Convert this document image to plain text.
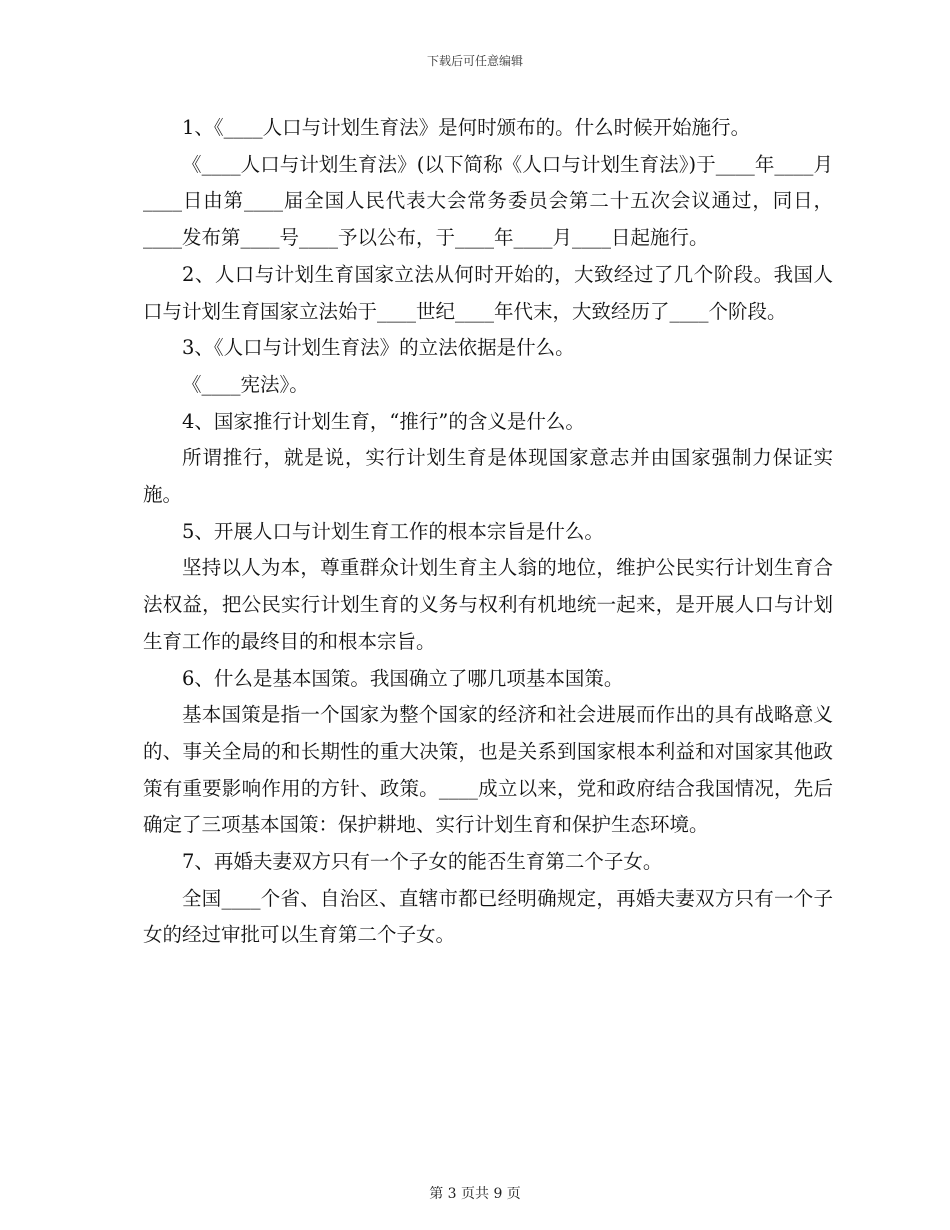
下载后可任意编辑

1、《____人口与计划生育法》是何时颁布的。什么时候开始施行。

《____人口与计划生育法》(以下简称《人口与计划生育法》)于____年____月____日由第____届全国人民代表大会常务委员会第二十五次会议通过，同日，____发布第____号____予以公布，于____年____月____日起施行。

2、人口与计划生育国家立法从何时开始的，大致经过了几个阶段。我国人口与计划生育国家立法始于____世纪____年代末，大致经历了____个阶段。

3、《人口与计划生育法》的立法依据是什么。

《____宪法》。

4、国家推行计划生育，“推行”的含义是什么。

所谓推行，就是说，实行计划生育是体现国家意志并由国家强制力保证实施。

5、开展人口与计划生育工作的根本宗旨是什么。

坚持以人为本，尊重群众计划生育主人翁的地位，维护公民实行计划生育合法权益，把公民实行计划生育的义务与权利有机地统一起来，是开展人口与计划生育工作的最终目的和根本宗旨。

6、什么是基本国策。我国确立了哪几项基本国策。

基本国策是指一个国家为整个国家的经济和社会进展而作出的具有战略意义的、事关全局的和长期性的重大决策，也是关系到国家根本利益和对国家其他政策有重要影响作用的方针、政策。____成立以来，党和政府结合我国情况，先后确定了三项基本国策：保护耕地、实行计划生育和保护生态环境。

7、再婚夫妻双方只有一个子女的能否生育第二个子女。

全国____个省、自治区、直辖市都已经明确规定，再婚夫妻双方只有一个子女的经过审批可以生育第二个子女。

第 3 页共 9 页
